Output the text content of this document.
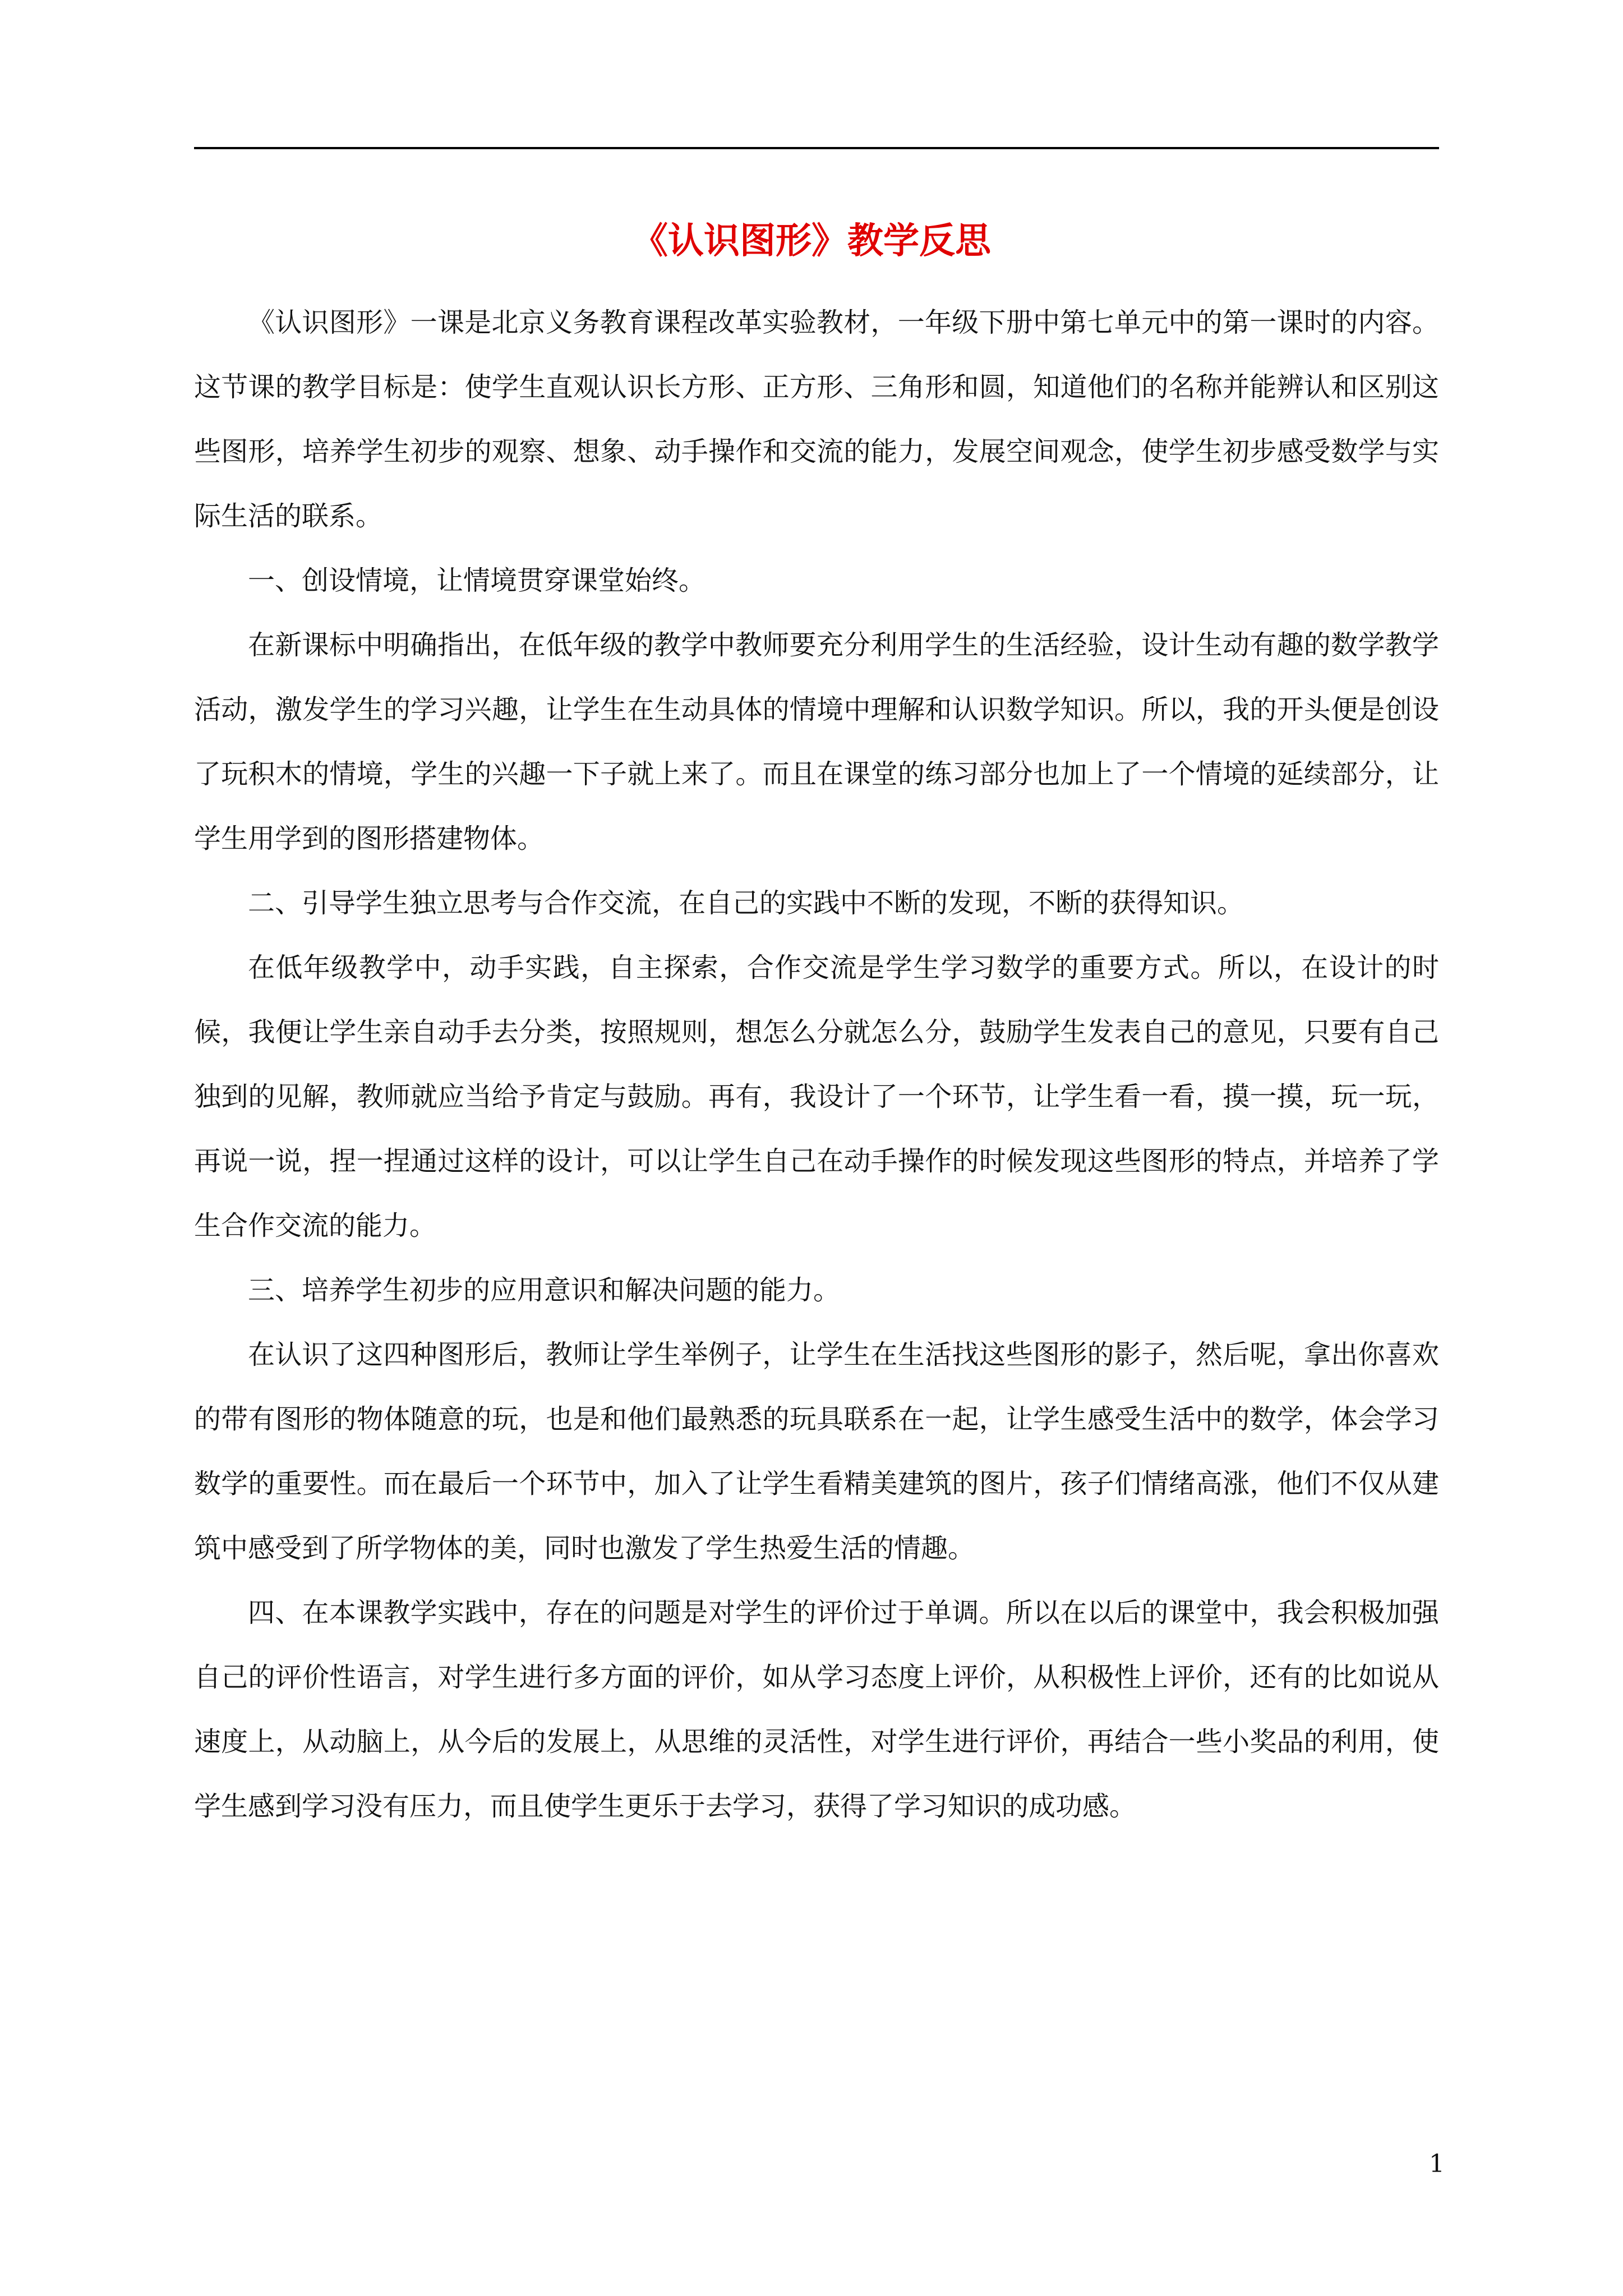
《认识图形》教学反思

《认识图形》一课是北京义务教育课程改革实验教材，一年级下册中第七单元中的第一课时的内容。这节课的教学目标是：使学生直观认识长方形、正方形、三角形和圆，知道他们的名称并能辨认和区别这些图形，培养学生初步的观察、想象、动手操作和交流的能力，发展空间观念，使学生初步感受数学与实际生活的联系。

一、创设情境，让情境贯穿课堂始终。

在新课标中明确指出，在低年级的教学中教师要充分利用学生的生活经验，设计生动有趣的数学教学活动，激发学生的学习兴趣，让学生在生动具体的情境中理解和认识数学知识。所以，我的开头便是创设了玩积木的情境，学生的兴趣一下子就上来了。而且在课堂的练习部分也加上了一个情境的延续部分，让学生用学到的图形搭建物体。

二、引导学生独立思考与合作交流，在自己的实践中不断的发现，不断的获得知识。

在低年级教学中，动手实践，自主探索，合作交流是学生学习数学的重要方式。所以，在设计的时候，我便让学生亲自动手去分类，按照规则，想怎么分就怎么分，鼓励学生发表自己的意见，只要有自己独到的见解，教师就应当给予肯定与鼓励。再有，我设计了一个环节，让学生看一看，摸一摸，玩一玩，再说一说，捏一捏通过这样的设计，可以让学生自己在动手操作的时候发现这些图形的特点，并培养了学生合作交流的能力。

三、培养学生初步的应用意识和解决问题的能力。

在认识了这四种图形后，教师让学生举例子，让学生在生活找这些图形的影子，然后呢，拿出你喜欢的带有图形的物体随意的玩，也是和他们最熟悉的玩具联系在一起，让学生感受生活中的数学，体会学习数学的重要性。而在最后一个环节中，加入了让学生看精美建筑的图片，孩子们情绪高涨，他们不仅从建筑中感受到了所学物体的美，同时也激发了学生热爱生活的情趣。

四、在本课教学实践中，存在的问题是对学生的评价过于单调。所以在以后的课堂中，我会积极加强自己的评价性语言，对学生进行多方面的评价，如从学习态度上评价，从积极性上评价，还有的比如说从速度上，从动脑上，从今后的发展上，从思维的灵活性，对学生进行评价，再结合一些小奖品的利用，使学生感到学习没有压力，而且使学生更乐于去学习，获得了学习知识的成功感。

1
